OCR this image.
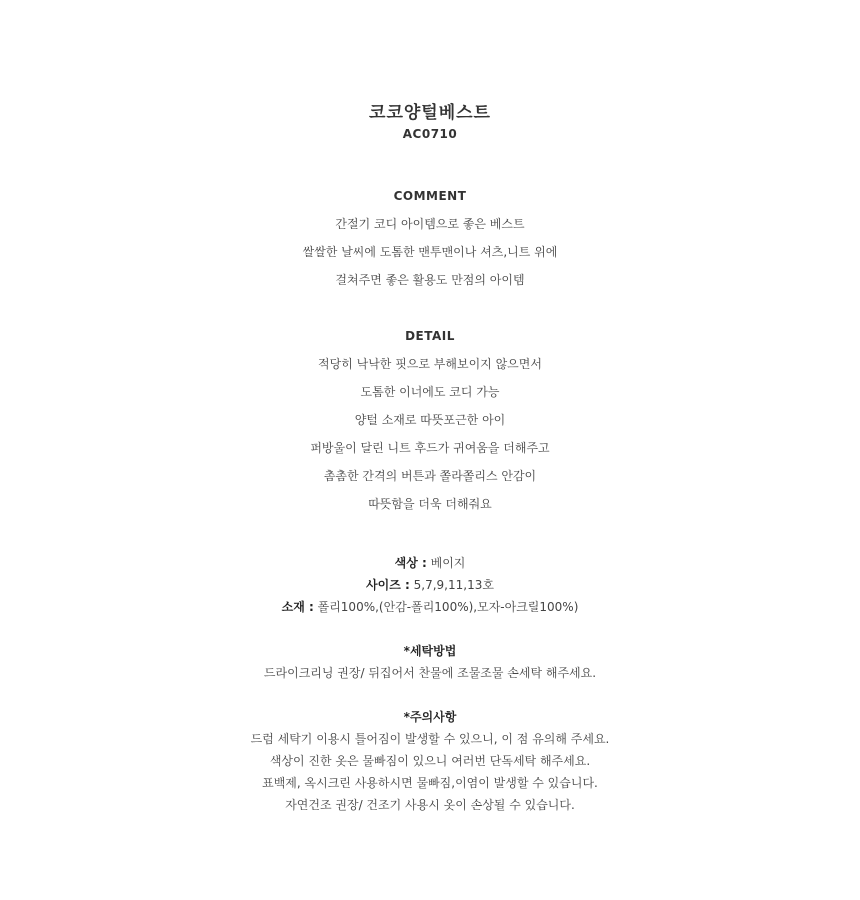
코코양털베스트
AC0710
COMMENT
간절기 코디 아이템으로 좋은 베스트
쌀쌀한 날씨에 도톰한 맨투맨이나 셔츠,니트 위에
걸쳐주면 좋은 활용도 만점의 아이템
DETAIL
적당히 낙낙한 핏으로 부해보이지 않으면서
도톰한 이너에도 코디 가능
양털 소재로 따뜻포근한 아이
퍼방울이 달린 니트 후드가 귀여움을 더해주고
촘촘한 간격의 버튼과 쫄라쫄리스 안감이
따뜻함을 더욱 더해줘요
색상 : 베이지
사이즈 : 5,7,9,11,13호
소재 : 폴리100%,(안감-폴리100%),모자-아크릴100%)
*세탁방법
드라이크리닝 권장/ 뒤집어서 찬물에 조물조물 손세탁 해주세요.
*주의사항
드럼 세탁기 이용시 틀어짐이 발생할 수 있으니, 이 점 유의해 주세요.
색상이 진한 옷은 물빠짐이 있으니 여러번 단독세탁 해주세요.
표백제, 옥시크린 사용하시면 물빠짐,이염이 발생할 수 있습니다.
자연건조 권장/ 건조기 사용시 옷이 손상될 수 있습니다.
